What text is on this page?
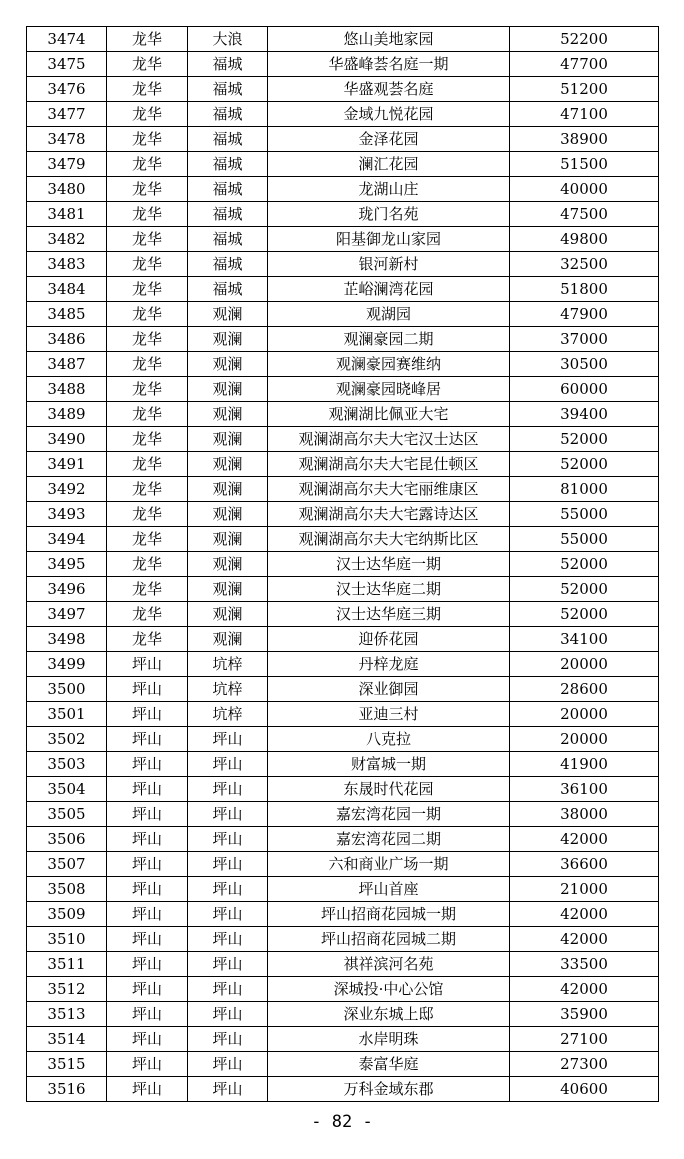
3474	龙华	大浪	悠山美地家园	52200
3475	龙华	福城	华盛峰荟名庭一期	47700
3476	龙华	福城	华盛观荟名庭	51200
3477	龙华	福城	金域九悦花园	47100
3478	龙华	福城	金泽花园	38900
3479	龙华	福城	澜汇花园	51500
3480	龙华	福城	龙湖山庄	40000
3481	龙华	福城	珑门名苑	47500
3482	龙华	福城	阳基御龙山家园	49800
3483	龙华	福城	银河新村	32500
3484	龙华	福城	芷峪澜湾花园	51800
3485	龙华	观澜	观湖园	47900
3486	龙华	观澜	观澜豪园二期	37000
3487	龙华	观澜	观澜豪园赛维纳	30500
3488	龙华	观澜	观澜豪园晓峰居	60000
3489	龙华	观澜	观澜湖比佩亚大宅	39400
3490	龙华	观澜	观澜湖高尔夫大宅汉士达区	52000
3491	龙华	观澜	观澜湖高尔夫大宅昆仕顿区	52000
3492	龙华	观澜	观澜湖高尔夫大宅丽维康区	81000
3493	龙华	观澜	观澜湖高尔夫大宅露诗达区	55000
3494	龙华	观澜	观澜湖高尔夫大宅纳斯比区	55000
3495	龙华	观澜	汉士达华庭一期	52000
3496	龙华	观澜	汉士达华庭二期	52000
3497	龙华	观澜	汉士达华庭三期	52000
3498	龙华	观澜	迎侨花园	34100
3499	坪山	坑梓	丹梓龙庭	20000
3500	坪山	坑梓	深业御园	28600
3501	坪山	坑梓	亚迪三村	20000
3502	坪山	坪山	八克拉	20000
3503	坪山	坪山	财富城一期	41900
3504	坪山	坪山	东晟时代花园	36100
3505	坪山	坪山	嘉宏湾花园一期	38000
3506	坪山	坪山	嘉宏湾花园二期	42000
3507	坪山	坪山	六和商业广场一期	36600
3508	坪山	坪山	坪山首座	21000
3509	坪山	坪山	坪山招商花园城一期	42000
3510	坪山	坪山	坪山招商花园城二期	42000
3511	坪山	坪山	祺祥滨河名苑	33500
3512	坪山	坪山	深城投·中心公馆	42000
3513	坪山	坪山	深业东城上邸	35900
3514	坪山	坪山	水岸明珠	27100
3515	坪山	坪山	泰富华庭	27300
3516	坪山	坪山	万科金域东郡	40600
- 82 -
